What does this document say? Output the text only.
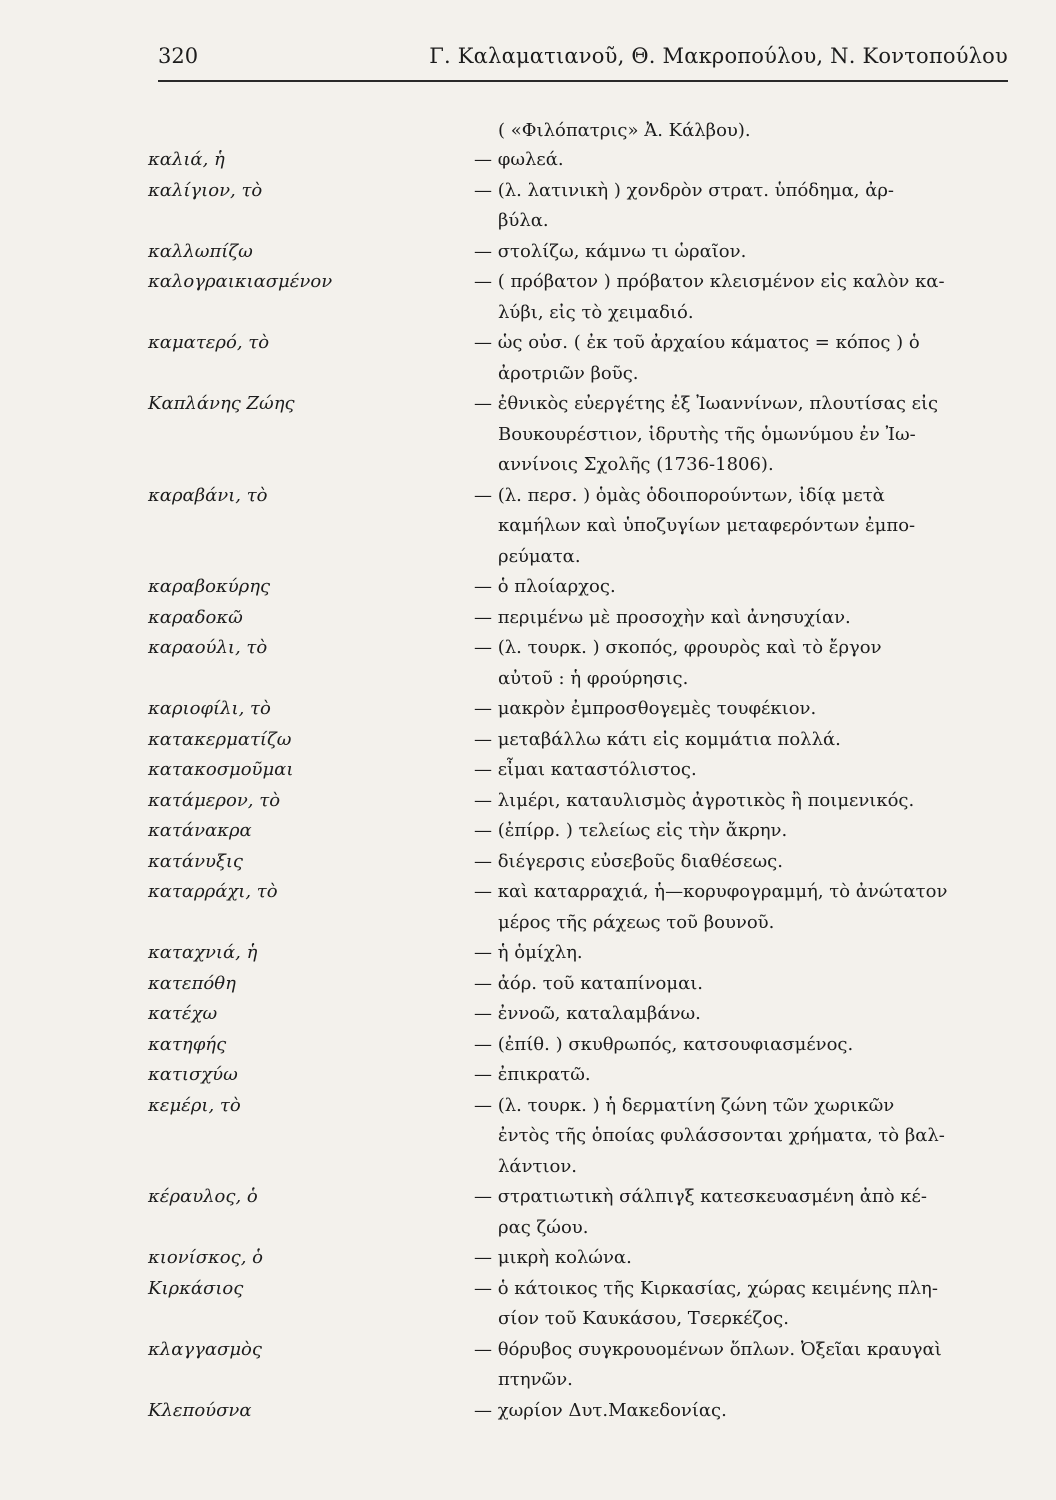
320	Γ. Καλαματιανοῦ, Θ. Μακροπούλου, Ν. Κοντοπούλου
( «Φιλόπατρις» Ἀ. Κάλβου).
καλιά, ἡ	— φωλεά.
καλίγιον, τὸ	— (λ. λατινικὴ ) χονδρὸν στρατ. ὑπόδημα, ἀρ-
βύλα.
καλλωπίζω	— στολίζω, κάμνω τι ὡραῖον.
καλογραικιασμένον	— ( πρόβατον ) πρόβατον κλεισμένον εἰς καλὸν κα-
λύβι, εἰς τὸ χειμαδιό.
καματερό, τὸ	— ὡς οὐσ. ( ἐκ τοῦ ἀρχαίου κάματος = κόπος ) ὁ
ἀροτριῶν βοῦς.
Καπλάνης Ζώης	— ἐθνικὸς εὐεργέτης ἐξ Ἰωαννίνων, πλουτίσας εἰς
Βουκουρέστιον, ἱδρυτὴς τῆς ὁμωνύμου ἐν Ἰω-
αννίνοις Σχολῆς (1736-1806).
καραβάνι, τὸ	— (λ. περσ. ) ὁμὰς ὁδοιπορούντων, ἰδίᾳ μετὰ
καμήλων καὶ ὑποζυγίων μεταφερόντων ἐμπο-
ρεύματα.
καραβοκύρης	— ὁ πλοίαρχος.
καραδοκῶ	— περιμένω μὲ προσοχὴν καὶ ἀνησυχίαν.
καραούλι, τὸ	— (λ. τουρκ. ) σκοπός, φρουρὸς καὶ τὸ ἔργον
αὐτοῦ : ἡ φρούρησις.
καριοφίλι, τὸ	— μακρὸν ἐμπροσθογεμὲς τουφέκιον.
κατακερματίζω	— μεταβάλλω κάτι εἰς κομμάτια πολλά.
κατακοσμοῦμαι	— εἶμαι καταστόλιστος.
κατάμερον, τὸ	— λιμέρι, καταυλισμὸς ἀγροτικὸς ἢ ποιμενικός.
κατάνακρα	— (ἐπίρρ. ) τελείως εἰς τὴν ἄκρην.
κατάνυξις	— διέγερσις εὐσεβοῦς διαθέσεως.
καταρράχι, τὸ	— καὶ καταρραχιά, ἡ—κορυφογραμμή, τὸ ἀνώτατον
μέρος τῆς ράχεως τοῦ βουνοῦ.
καταχνιά, ἡ	— ἡ ὁμίχλη.
κατεπόθη	— ἀόρ. τοῦ καταπίνομαι.
κατέχω	— ἐννοῶ, καταλαμβάνω.
κατηφής	— (ἐπίθ. ) σκυθρωπός, κατσουφιασμένος.
κατισχύω	— ἐπικρατῶ.
κεμέρι, τὸ	— (λ. τουρκ. ) ἡ δερματίνη ζώνη τῶν χωρικῶν
ἐντὸς τῆς ὁποίας φυλάσσονται χρήματα, τὸ βαλ-
λάντιον.
κέραυλος, ὁ	— στρατιωτικὴ σάλπιγξ κατεσκευασμένη ἀπὸ κέ-
ρας ζώου.
κιονίσκος, ὁ	— μικρὴ κολώνα.
Κιρκάσιος	— ὁ κάτοικος τῆς Κιρκασίας, χώρας κειμένης πλη-
σίον τοῦ Καυκάσου, Τσερκέζος.
κλαγγασμὸς	— θόρυβος συγκρουομένων ὅπλων. Ὀξεῖαι κραυγαὶ
πτηνῶν.
Κλεπούσνα	— χωρίον Δυτ.Μακεδονίας.
